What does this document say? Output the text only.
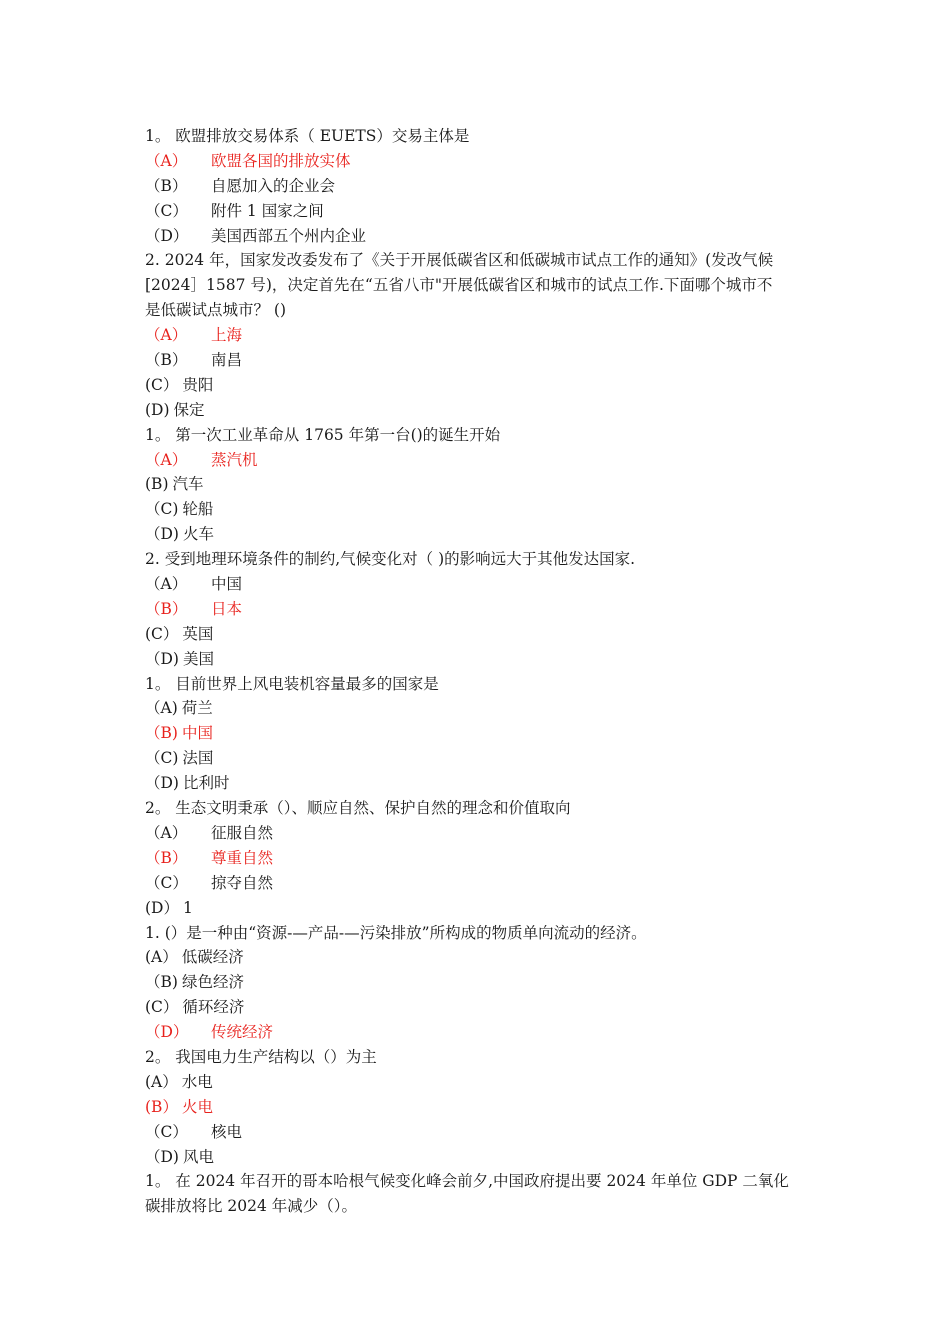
1。 欧盟排放交易体系（ EUETS）交易主体是
（A） 欧盟各国的排放实体
（B） 自愿加入的企业会
（C） 附件 1 国家之间
（D） 美国西部五个州内企业
2. 2024 年，国家发改委发布了《关于开展低碳省区和低碳城市试点工作的通知》(发改气候
[2024］1587 号)，决定首先在“五省八市"开展低碳省区和城市的试点工作.下面哪个城市不
是低碳试点城市？ ()
（A） 上海
（B） 南昌
(C） 贵阳
(D) 保定
1。 第一次工业革命从 1765 年第一台()的诞生开始
（A） 蒸汽机
(B) 汽车
（C) 轮船
（D) 火车
2. 受到地理环境条件的制约,气候变化对（ )的影响远大于其他发达国家.
（A） 中国
（B） 日本
(C） 英国
（D) 美国
1。 目前世界上风电装机容量最多的国家是
（A) 荷兰
（B) 中国
（C) 法国
（D) 比利时
2。 生态文明秉承（）、顺应自然、保护自然的理念和价值取向
（A） 征服自然
（B） 尊重自然
（C） 掠夺自然
(D） 1
1. (）是一种由“资源-—产品-—污染排放”所构成的物质单向流动的经济。
(A） 低碳经济
（B) 绿色经济
(C） 循环经济
（D） 传统经济
2。 我国电力生产结构以（）为主
(A） 水电
(B） 火电
（C） 核电
（D) 风电
1。 在 2024 年召开的哥本哈根气候变化峰会前夕,中国政府提出要 2024 年单位 GDP 二氧化
碳排放将比 2024 年减少（）。
